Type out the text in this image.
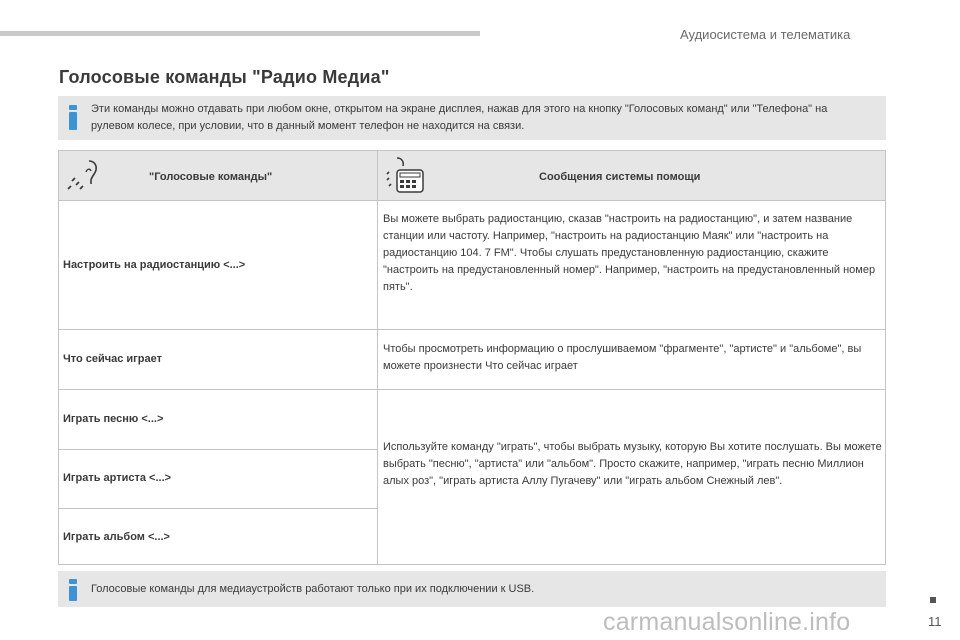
Аудиосистема и телематика
Голосовые команды "Радио Медиа"
Эти команды можно отдавать при любом окне, открытом на экране дисплея, нажав для этого на кнопку "Голосовых команд" или "Телефона" на рулевом колесе, при условии, что в данный момент телефон не находится на связи.
"Голосовые команды"	Сообщения системы помощи
Настроить на радиостанцию <...>
Вы можете выбрать радиостанцию, сказав "настроить на радиостанцию", и затем название станции или частоту. Например, "настроить на радиостанцию Маяк" или "настроить на радиостанцию 104. 7 FM". Чтобы слушать предустановленную радиостанцию, скажите "настроить на предустановленный номер". Например, "настроить на предустановленный номер пять".
Что сейчас играет
Чтобы просмотреть информацию о прослушиваемом "фрагменте", "артисте" и "альбоме", вы можете произнести Что сейчас играет
Играть песню <...>
Играть артиста <...>
Играть альбом <...>
Используйте команду "играть", чтобы выбрать музыку, которую Вы хотите послушать. Вы можете выбрать "песню", "артиста" или "альбом". Просто скажите, например, "играть песню Миллион алых роз", "играть артиста Аллу Пугачеву" или "играть альбом Снежный лев".
Голосовые команды для медиаустройств работают только при их подключении к USB.
carmanualsonline.info	11
